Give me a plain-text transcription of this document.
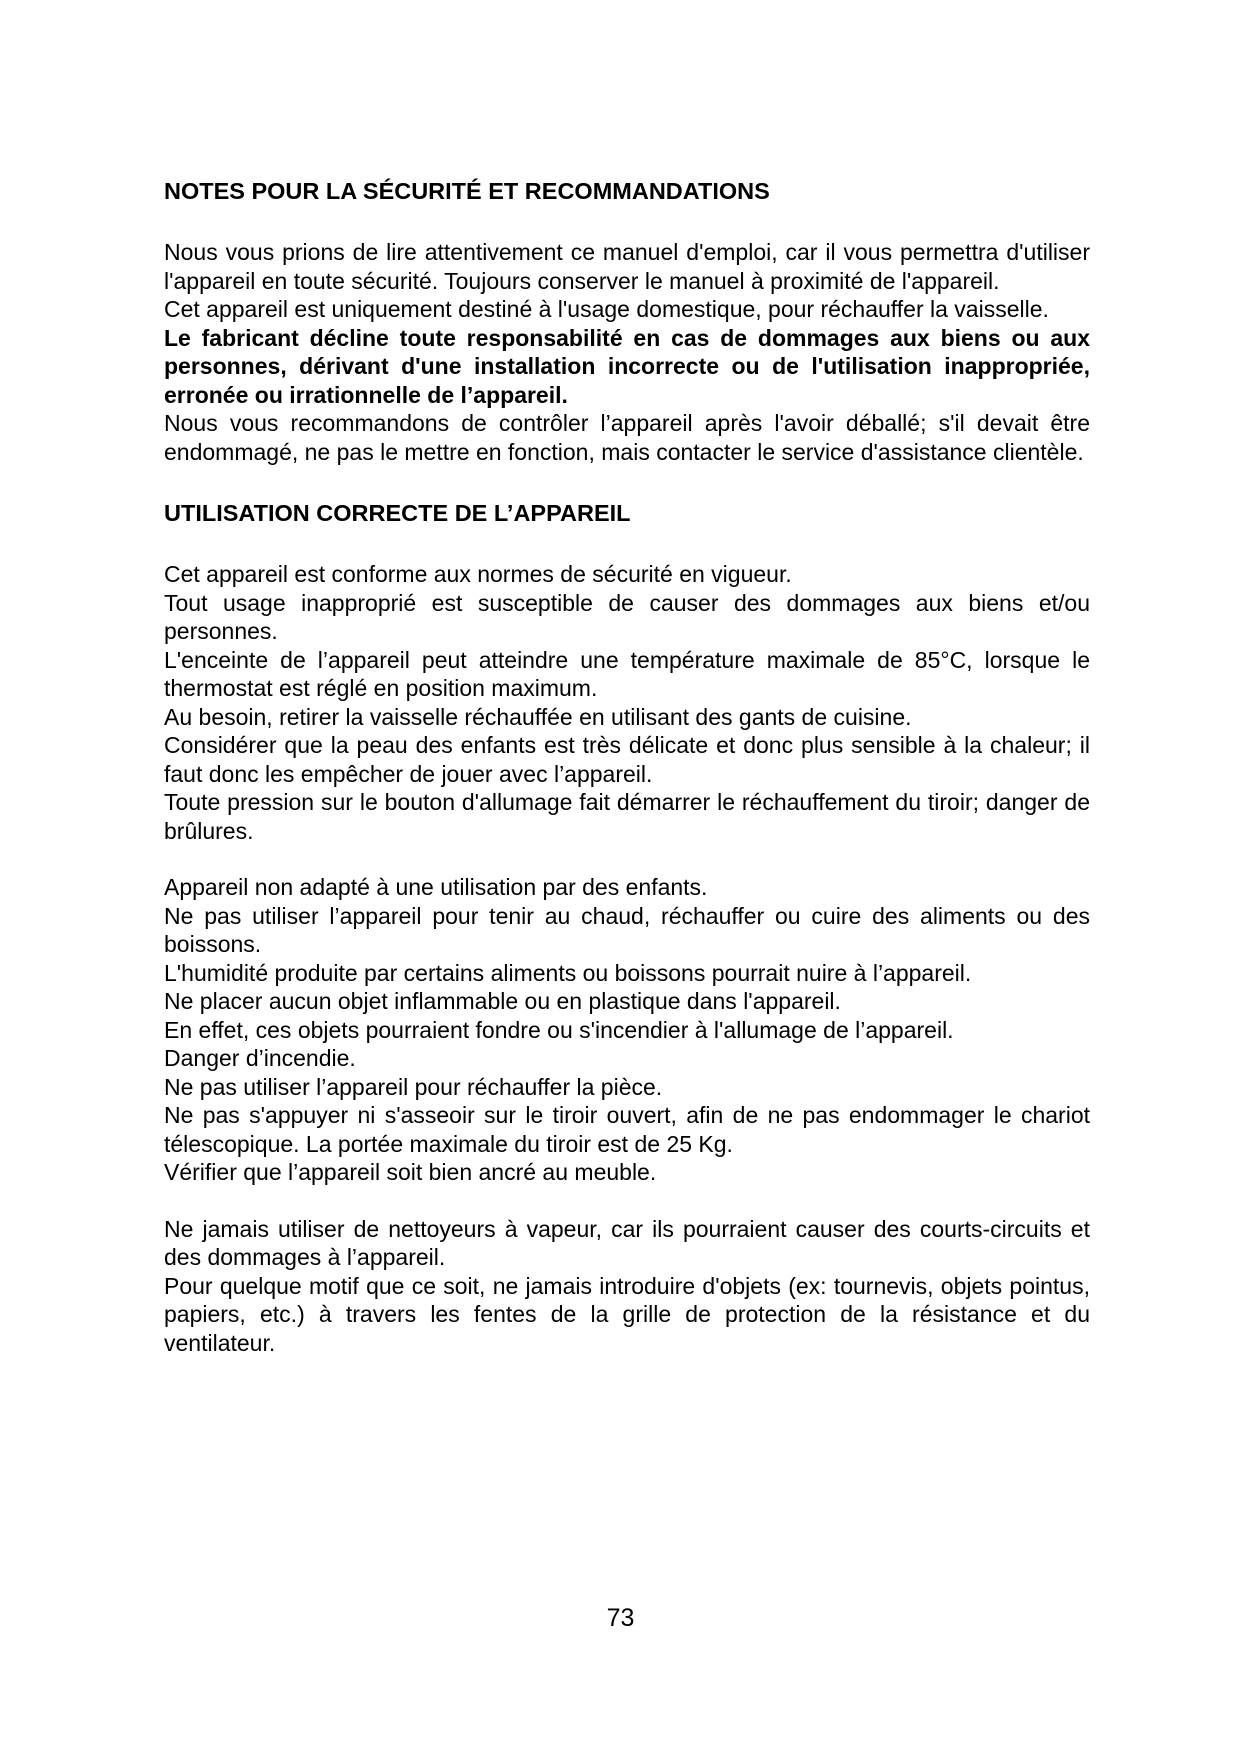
NOTES POUR LA SÉCURITÉ ET RECOMMANDATIONS

Nous vous prions de lire attentivement ce manuel d'emploi, car il vous permettra d'utiliser l'appareil en toute sécurité. Toujours conserver le manuel à proximité de l'appareil.

Cet appareil est uniquement destiné à l'usage domestique, pour réchauffer la vaisselle.

Le fabricant décline toute responsabilité en cas de dommages aux biens ou aux personnes, dérivant d'une installation incorrecte ou de l'utilisation inappropriée, erronée ou irrationnelle de l’appareil.

Nous vous recommandons de contrôler l’appareil après l'avoir déballé; s'il devait être endommagé, ne pas le mettre en fonction, mais contacter le service d'assistance clientèle.

UTILISATION CORRECTE DE L’APPAREIL

Cet appareil est conforme aux normes de sécurité en vigueur.

Tout usage inapproprié est susceptible de causer des dommages aux biens et/ou personnes.

L'enceinte de l’appareil peut atteindre une température maximale de 85°C, lorsque le thermostat est réglé en position maximum.

Au besoin, retirer la vaisselle réchauffée en utilisant des gants de cuisine.

Considérer que la peau des enfants est très délicate et donc plus sensible à la chaleur; il faut donc les empêcher de jouer avec l’appareil.

Toute pression sur le bouton d'allumage fait démarrer le réchauffement du tiroir; danger de brûlures.

Appareil non adapté à une utilisation par des enfants.

Ne pas utiliser l’appareil pour tenir au chaud, réchauffer ou cuire des aliments ou des boissons.

L'humidité produite par certains aliments ou boissons pourrait nuire à l’appareil.

Ne placer aucun objet inflammable ou en plastique dans l'appareil.

En effet, ces objets pourraient fondre ou s'incendier à l'allumage de l’appareil.

Danger d’incendie.

Ne pas utiliser l’appareil pour réchauffer la pièce.

Ne pas s'appuyer ni s'asseoir sur le tiroir ouvert, afin de ne pas endommager le chariot télescopique. La portée maximale du tiroir est de 25 Kg.

Vérifier que l’appareil soit bien ancré au meuble.

Ne jamais utiliser de nettoyeurs à vapeur, car ils pourraient causer des courts-circuits et des dommages à l’appareil.

Pour quelque motif que ce soit, ne jamais introduire d'objets (ex: tournevis, objets pointus, papiers, etc.) à travers les fentes de la grille de protection de la résistance et du ventilateur.

73
